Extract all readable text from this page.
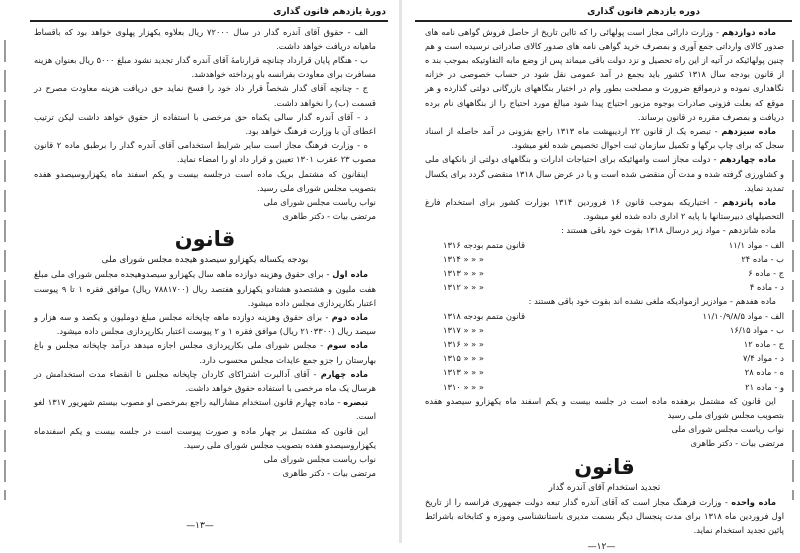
دورهٔ یازدهم قانون گذاری

الف - حقوق آقای آندره گدار در سال ۷۲۰۰۰ ریال بعلاوه یکهزار پهلوی خواهد بود که باقساط ماهیانه دریافت خواهد داشت.

ب - هنگام پایان قرارداد چنانچه قرارنامهٔ آقای آندره گدار تجدید نشود مبلغ ۵۰۰۰ ریال بعنوان هزینه مسافرت برای معاودت بفرانسه باو پرداخته خواهدشد.

ج - چنانچه آقای گدار شخصاً قرار داد خود را فسخ نماید حق دریافت هزینه معاودت مصرح در قسمت (ب) را نخواهد داشت.

د - آقای آندره گدار سالی یکماه حق مرخصی با استفاده از حقوق خواهد داشت لیکن ترتیب اعطای آن با وزارت فرهنگ خواهد بود.

ه - وزارت فرهنگ مجاز است سایر شرایط استخدامی آقای آندره گدار را برطبق ماده ۲ قانون مصوب ۲۳ عقرب ۱۳۰۱ تعیین و قرار داد او را امضاء نماید.

اینقانون که مشتمل بریک ماده است درجلسه بیست و یکم اسفند ماه یکهزاروسیصدو هفده بتصویب مجلس شورای ملی رسید.

نواب ریاست مجلس شورای ملی
مرتضی بیات - دکتر طاهری
قانون
بودجه یکساله یکهزارو سیصدو هیجده مجلس شورای ملی

ماده اول - برای حقوق وهزینه دوازده ماهه سال یکهزارو سیصدوهیجده مجلس شورای ملی مبلغ هفت ملیون و هشتصدو هشتادو یکهزارو هفتصد ریال (۷۸۸۱۷۰۰ ریال) موافق فقره ۱ تا ۹ پیوست اعتبار بکارپردازی مجلس داده میشود.

ماده دوم - برای حقوق وهزینه دوازده ماهه چاپخانه مجلس مبلغ دوملیون و یکصد و سه هزار و سیصد ریال (۲۱۰۳۳۰۰ ریال) موافق فقره ۱ و ۲ پیوست اعتبار بکارپردازی مجلس داده میشود.

ماده سوم - مجلس شورای ملی بکارپردازی مجلس اجازه میدهد درآمد چاپخانه مجلس و باغ بهارستان را جزو جمع عایدات مجلس محسوب دارد.

ماده چهارم - آقای آدالبرت اشتراکای کاردان چاپخانه مجلس تا انقضاء مدت استخدامش در هرسال یک ماه مرخصی با استفاده حقوق خواهد داشت.

تبصره - ماده چهارم قانون استخدام مشارالیه راجع بمرخصی او مصوب بیستم شهریور ۱۳۱۷ لغو است.

این قانون که مشتمل بر چهار ماده و صورت پیوست است در جلسه بیست و یکم اسفندماه یکهزاروسیصدو هفده بتصویب مجلس شورای ملی رسید.

نواب ریاست مجلس شورای ملی
مرتضی بیات - دکتر طاهری
—۱۳—
دوره یازدهم قانون گذاری

ماده دوازدهم - وزارت دارائی مجاز است پولهائی را که تااین تاریخ از حاصل فروش گواهی نامه های صدور کالای وارداتی جمع آوری و بمصرف خرید گواهی نامه های صدور کالای صادراتی نرسیده است و هم چنین پولهائیکه در آتیه از این راه تحصیل و نزد دولت باقی میماند پس از وضع مابه التفاوتیکه بموجب بند ه از قانون بودجه سال ۱۳۱۸ کشور باید بجمع در آمد عمومی نقل شود در حساب خصوصی در خزانه نگاهداری نموده و درمواقع ضرورت و مصلحت بطور وام در اختیار بنگاههای بازرگانی دولتی گذارده و هر موقع که بعلت فزونی صادرات بوجوه مزبور احتیاج پیدا شود مبالغ مورد احتیاج را از بنگاههای نام برده دریافت و بمصرف مقرره در قانون برساند.

ماده سیزدهم - تبصره یک از قانون ۲۲ اردیبهشت ماه ۱۳۱۳ راجع بفزونی در آمد حاصله از اسناد سجل که برای چاپ برگها و تکمیل سازمان ثبت احوال تخصیص شده لغو میشود.

ماده چهاردهم - دولت مجاز است وامهائیکه برای احتیاجات ادارات و بنگاههای دولتی از بانکهای ملی و کشاورزی گرفته شده و مدت آن منقضی شده است و یا در عرض سال ۱۳۱۸ منقضی گردد برای یکسال تمدید نماید.

ماده پانزدهم - اختیاریکه بموجب قانون ۱۶ فروردین ۱۳۱۴ بوزارت کشور برای استخدام فارغ التحصیلهای دبیرستانها با پایه ۲ اداری داده شده لغو میشود.

ماده شانزدهم - مواد زیر درسال ۱۳۱۸ بقوت خود باقی هستند :

الف - مواد ۱۱/۱
قانون متمم بودجه ۱۳۱۶
ب - ماده ۲۴
« « « ۱۳۱۴
ج - ماده ۶
« « « ۱۳۱۳
د - ماده ۴
« « « ۱۳۱۲

ماده هفدهم - موادزیر ازموادیکه ملغی نشده اند بقوت خود باقی هستند :

الف - مواد ۱۱/۱۰/۹/۸/۵
قانون متمم بودجه ۱۳۱۸
ب - مواد ۱۶/۱۵
« « « ۱۳۱۷
ج - ماده ۱۲
« « « ۱۳۱۶
د - مواد ۷/۴
« « « ۱۳۱۵
ه - ماده ۲۸
« « « ۱۳۱۳
و - ماده ۲۱
« « « ۱۳۱۰

این قانون که مشتمل برهفده ماده است در جلسه بیست و یکم اسفند ماه یکهزارو سیصدو هفده بتصویب مجلس شورای ملی رسید

نواب ریاست مجلس شورای ملی
مرتضی بیات - دکتر طاهری
قانون
تجدید استخدام آقای آندره گدار

ماده واحده - وزارت فرهنگ مجاز است که آقای آندره گدار تبعه دولت جمهوری فرانسه را از تاریخ اول فروردین ماه ۱۳۱۸ برای مدت پنجسال دیگر بسمت مدیری باستانشناسی وموزه و کتابخانه باشرائط پائین تجدید استخدام نماید.

—۱۲—
